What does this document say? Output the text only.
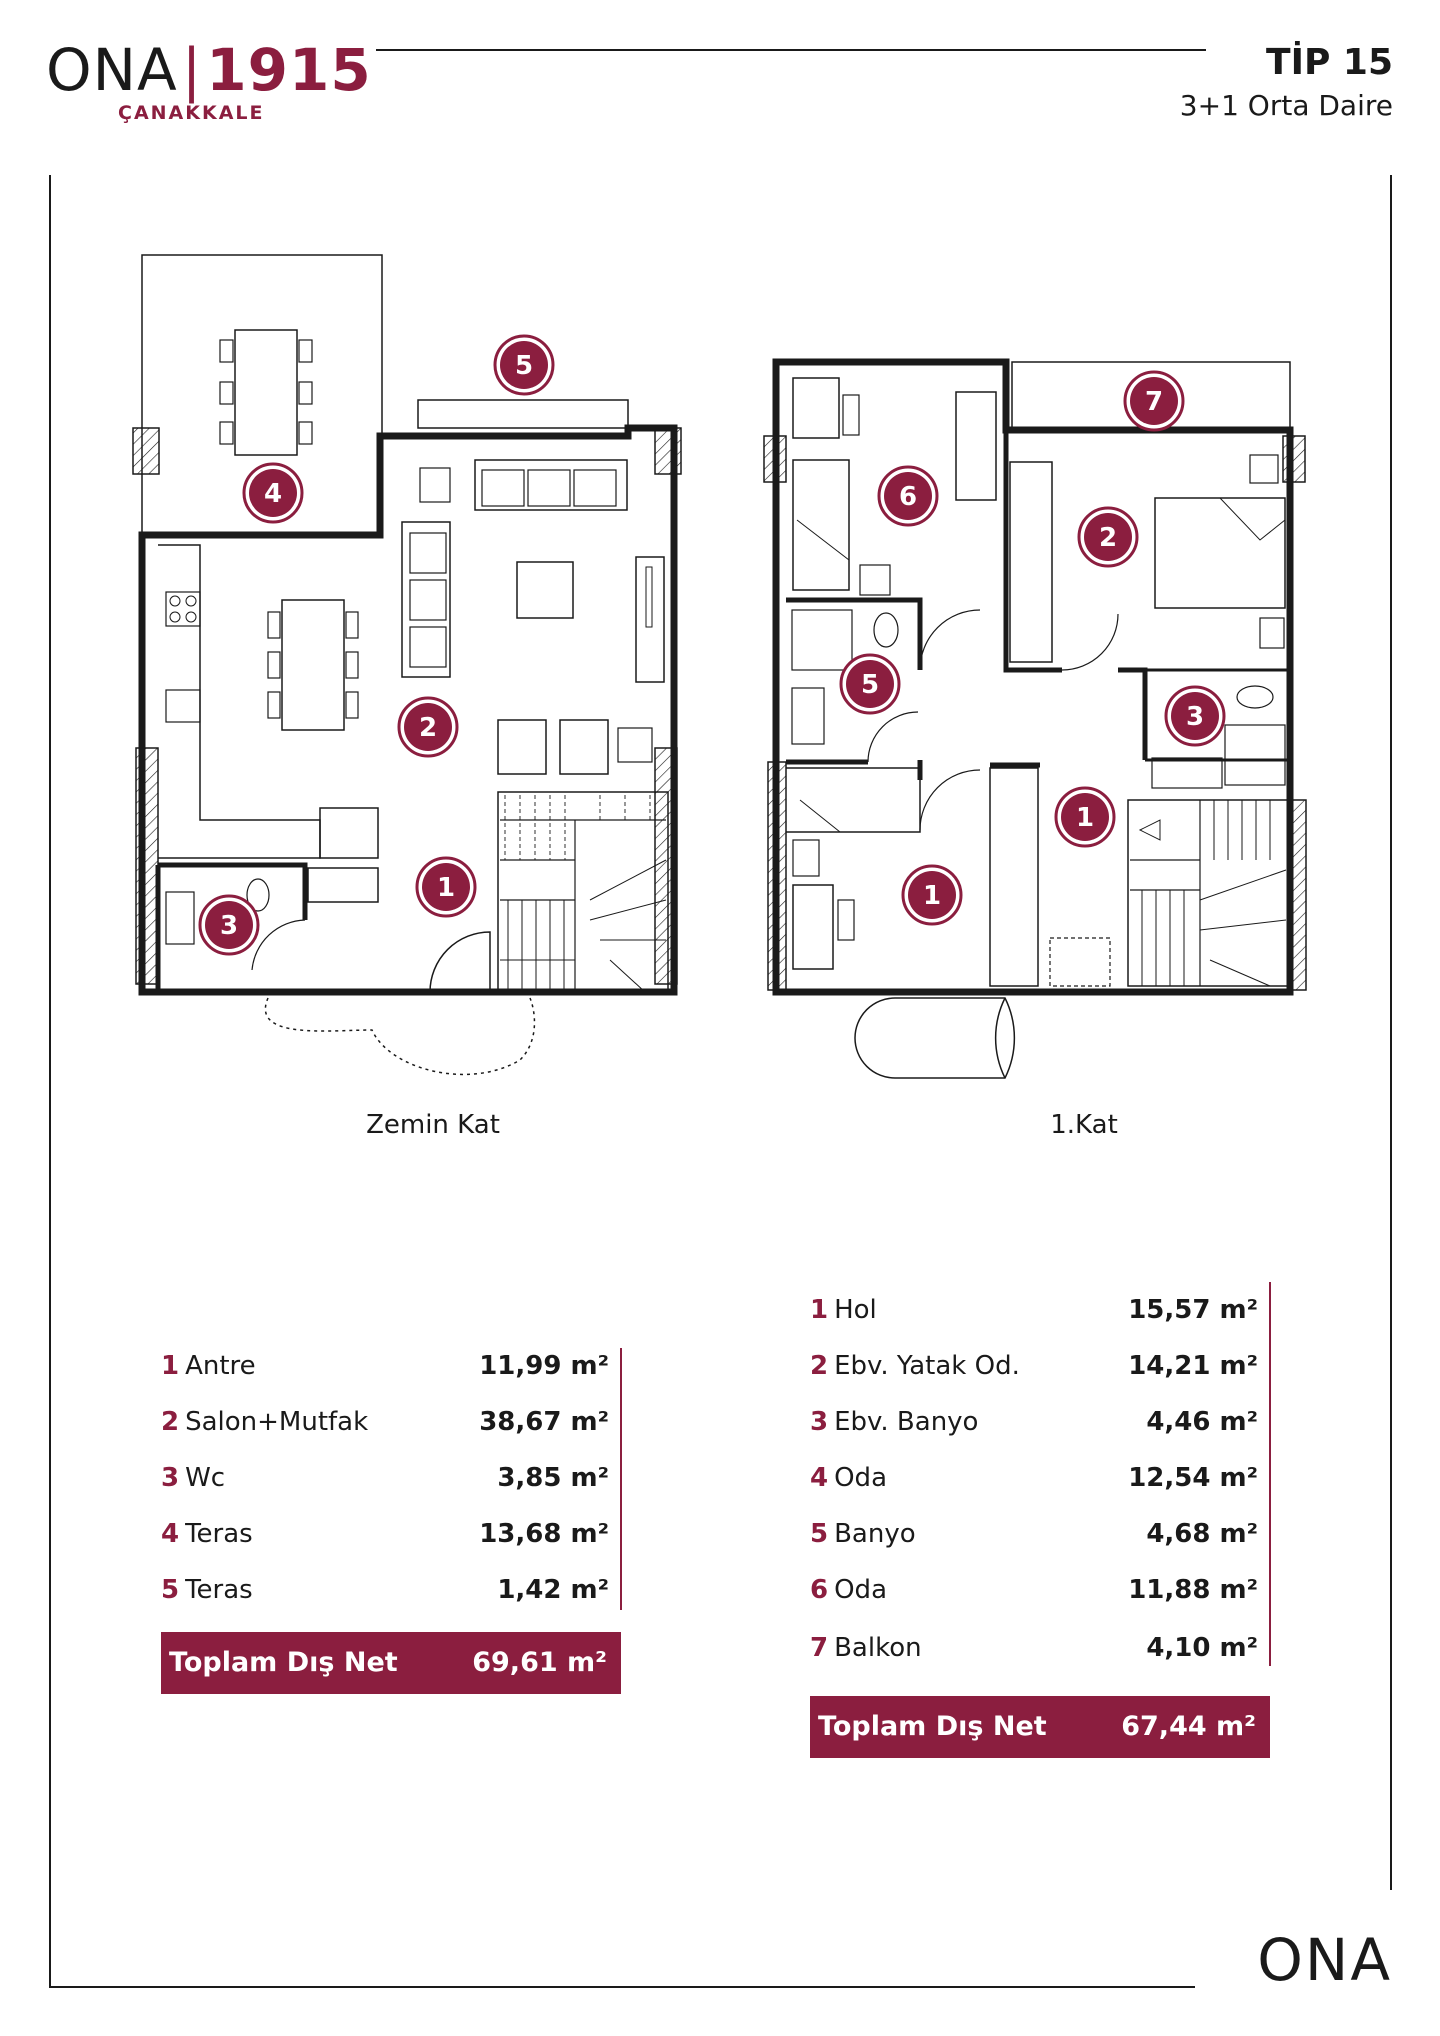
ONA|1915
ÇANAKKALE
TİP 15
3+1 Orta Daire
4
5
2
1
3
7
6
2
5
3
1
1
Zemin Kat	1.Kat
1 Antre	11,99 m²
2 Salon+Mutfak	38,67 m²
3 Wc	3,85 m²
4 Teras	13,68 m²
5 Teras	1,42 m²
Toplam Dış Net	69,61 m²
1 Hol	15,57 m²
2 Ebv. Yatak Od.	14,21 m²
3 Ebv. Banyo	4,46 m²
4 Oda	12,54 m²
5 Banyo	4,68 m²
6 Oda	11,88 m²
7 Balkon	4,10 m²
Toplam Dış Net	67,44 m²
ONA
